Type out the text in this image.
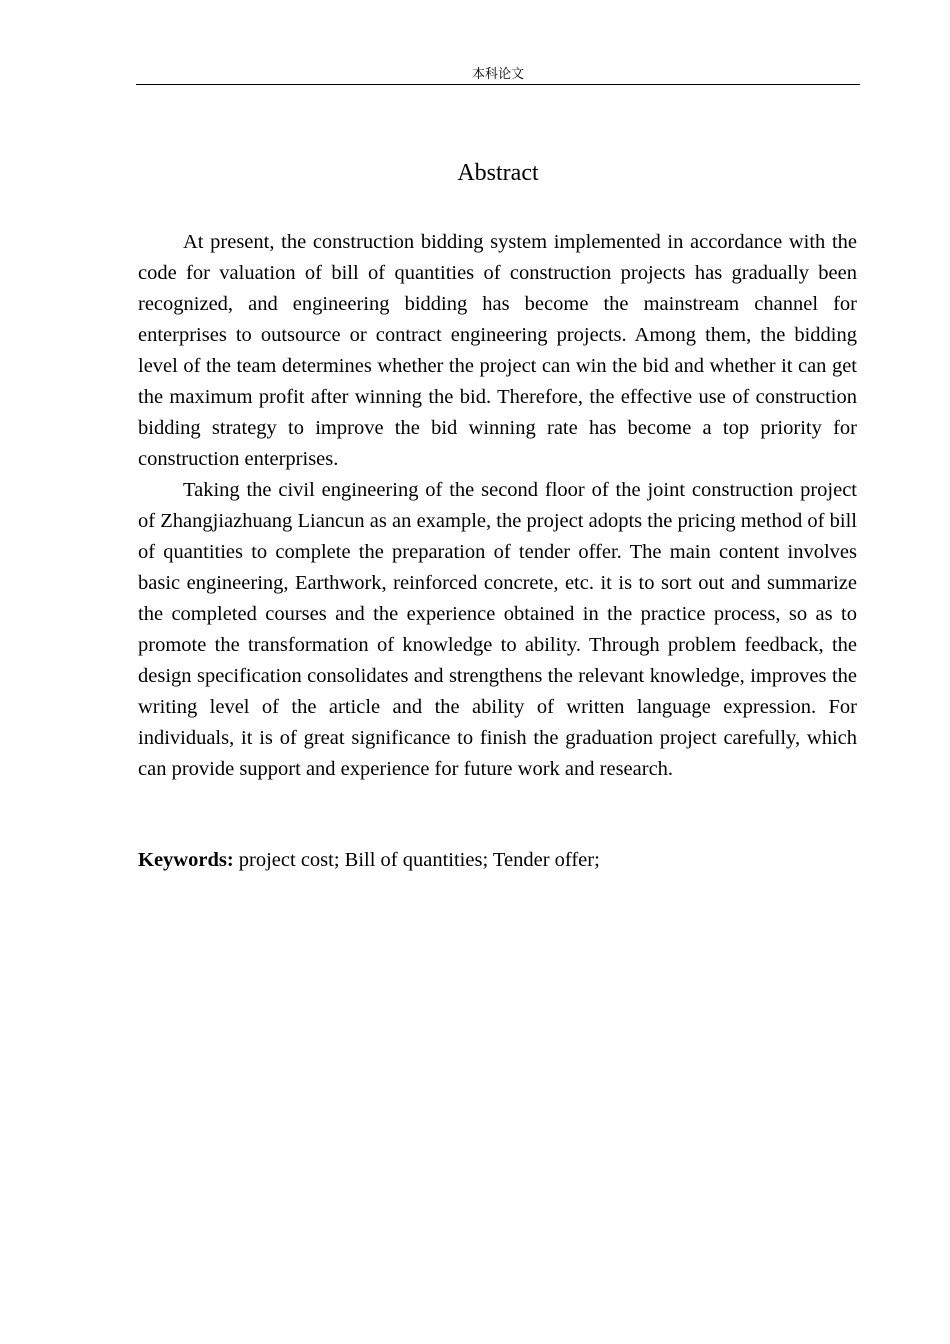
本科论文
Abstract

At present, the construction bidding system implemented in accordance with the code for valuation of bill of quantities of construction projects has gradually been recognized, and engineering bidding has become the mainstream channel for enterprises to outsource or contract engineering projects. Among them, the bidding level of the team determines whether the project can win the bid and whether it can get the maximum profit after winning the bid. Therefore, the effective use of construction bidding strategy to improve the bid winning rate has become a top priority for construction enterprises.

Taking the civil engineering of the second floor of the joint construction project of Zhangjiazhuang Liancun as an example, the project adopts the pricing method of bill of quantities to complete the preparation of tender offer. The main content involves basic engineering, Earthwork, reinforced concrete, etc. it is to sort out and summarize the completed courses and the experience obtained in the practice process, so as to promote the transformation of knowledge to ability. Through problem feedback, the design specification consolidates and strengthens the relevant knowledge, improves the writing level of the article and the ability of written language expression. For individuals, it is of great significance to finish the graduation project carefully, which can provide support and experience for future work and research.

Keywords: project cost; Bill of quantities; Tender offer;
